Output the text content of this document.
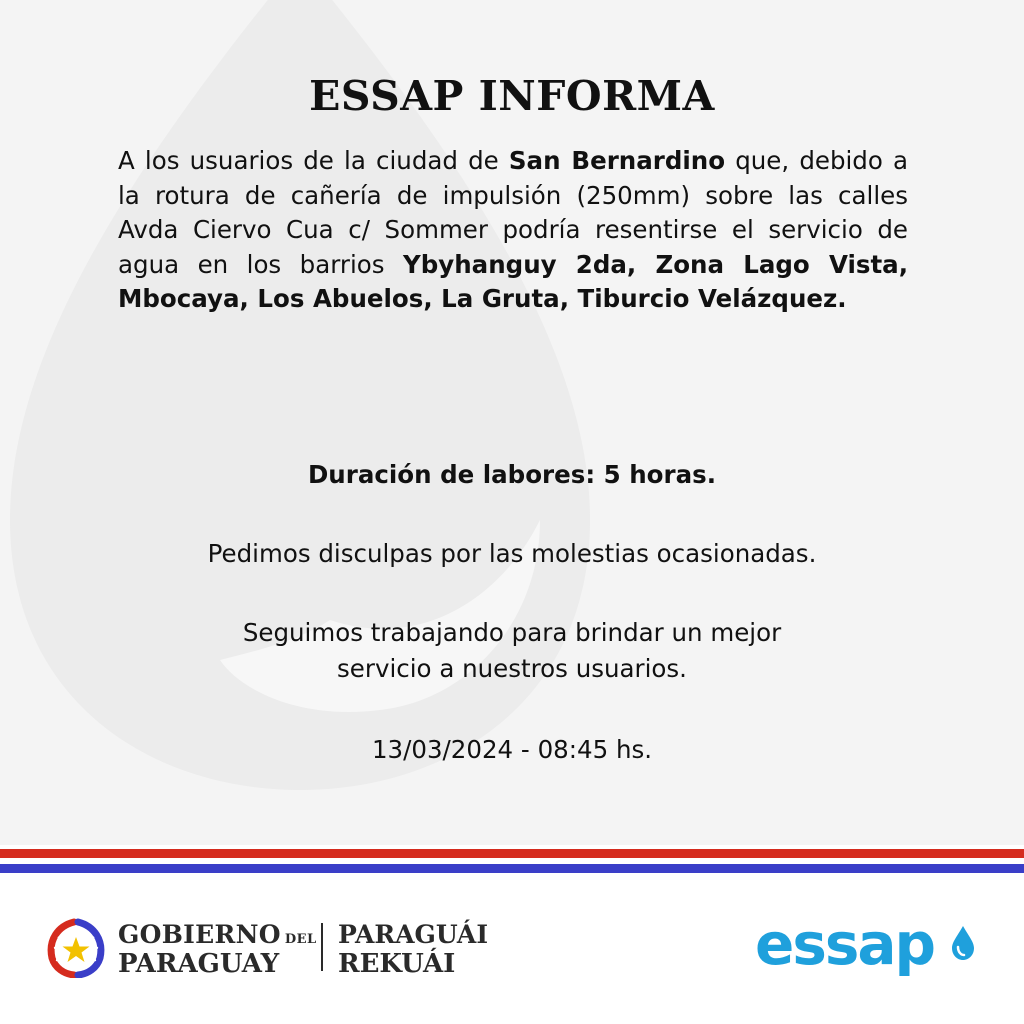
ESSAP INFORMA

A los usuarios de la ciudad de San Bernardino que, debido a la rotura de cañería de impulsión (250mm) sobre las calles Avda Ciervo Cua c/ Sommer podría resentirse el servicio de agua en los barrios Ybyhanguy 2da, Zona Lago Vista, Mbocaya, Los Abuelos, La Gruta, Tiburcio Velázquez.

Duración de labores: 5 horas.

Pedimos disculpas por las molestias ocasionadas.

Seguimos trabajando para brindar un mejor
servicio a nuestros usuarios.

13/03/2024 - 08:45 hs.

GOBIERNO DEL
PARAGUAY
PARAGUÁI
REKUÁI	essap
